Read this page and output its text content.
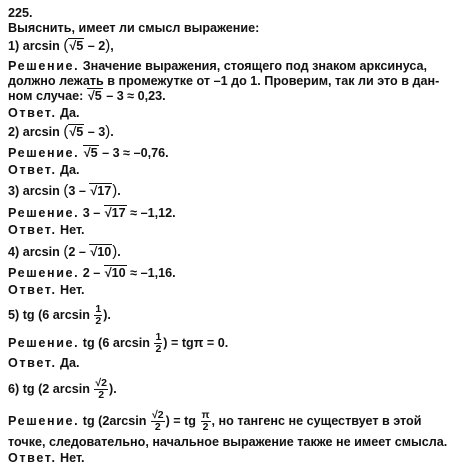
225.
Выяснить, имеет ли смысл выражение:
1) arcsin (√5 – 2),
Решение. Значение выражения, стоящего под знаком арксинуса,
должно лежать в промежутке от –1 до 1. Проверим, так ли это в дан-
ном случае: √5 – 3 ≈ 0,23.
Ответ. Да.
2) arcsin (√5 – 3).
Решение. √5 – 3 ≈ –0,76.
Ответ. Да.
3) arcsin (3 – √17).
Решение. 3 – √17 ≈ –1,12.
Ответ. Нет.
4) arcsin (2 – √10).
Решение. 2 – √10 ≈ –1,16.
Ответ. Нет.
5) tg (6 $\arcsin \frac{1}{2}$ ).
Решение. tg (6 $\arcsin \frac{1}{2}$ ) = tgπ = 0.
Ответ. Да.
6) tg (2 $\arcsin \frac{√2}{2}$ ).
Решение. tg ($2\arcsin \frac{√2}{2}$ ) = tg $\frac{\pi}{2}$ , но тангенс не существует в этой
точке, следовательно, начальное выражение также не имеет смысла.
Ответ. Нет.
